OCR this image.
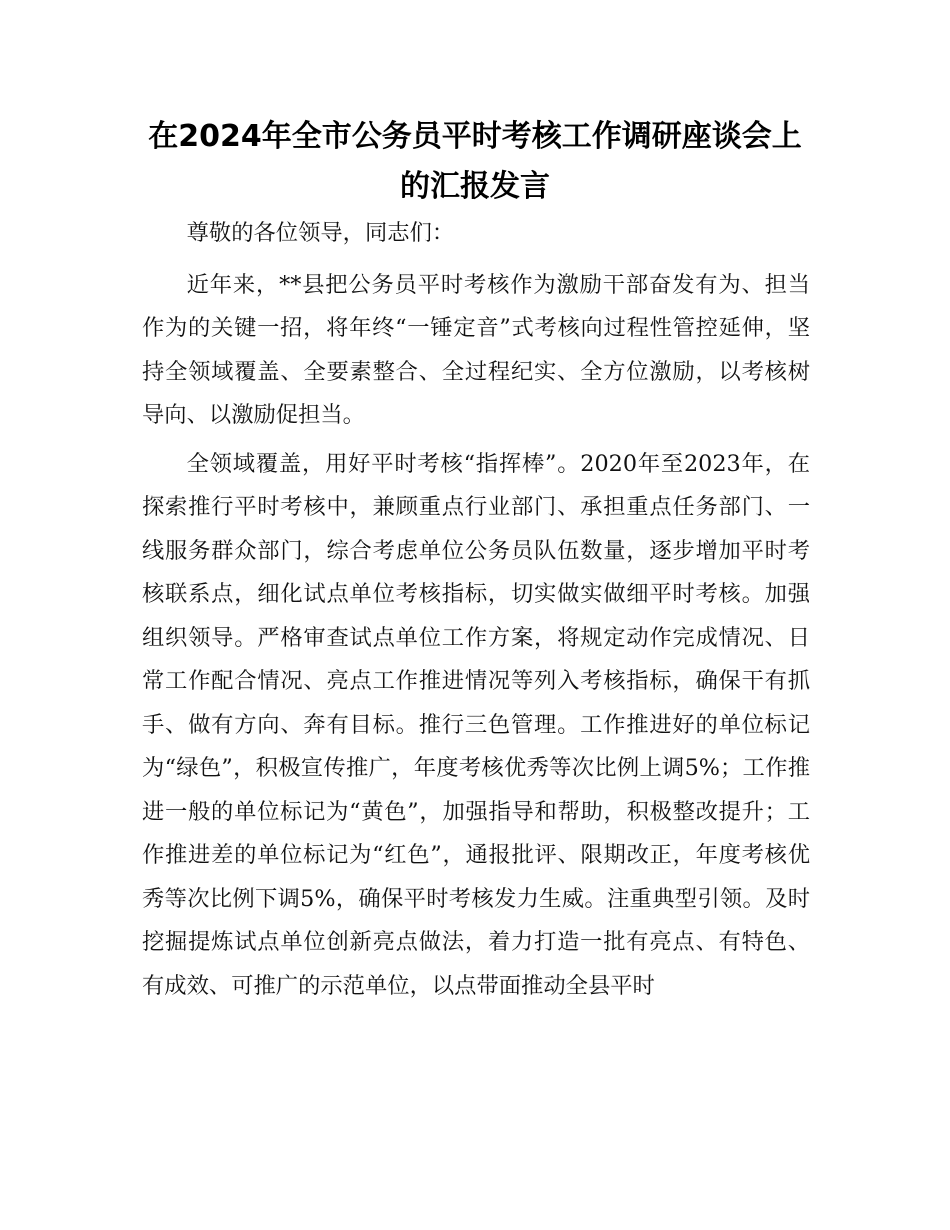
在2024年全市公务员平时考核工作调研座谈会上的汇报发言

尊敬的各位领导，同志们：

近年来，**县把公务员平时考核作为激励干部奋发有为、担当作为的关键一招，将年终“一锤定音”式考核向过程性管控延伸，坚持全领域覆盖、全要素整合、全过程纪实、全方位激励，以考核树导向、以激励促担当。

全领域覆盖，用好平时考核“指挥棒”。2020年至2023年，在探索推行平时考核中，兼顾重点行业部门、承担重点任务部门、一线服务群众部门，综合考虑单位公务员队伍数量，逐步增加平时考核联系点，细化试点单位考核指标，切实做实做细平时考核。加强组织领导。严格审查试点单位工作方案，将规定动作完成情况、日常工作配合情况、亮点工作推进情况等列入考核指标，确保干有抓手、做有方向、奔有目标。推行三色管理。工作推进好的单位标记为“绿色”，积极宣传推广，年度考核优秀等次比例上调5%；工作推进一般的单位标记为“黄色”，加强指导和帮助，积极整改提升；工作推进差的单位标记为“红色”，通报批评、限期改正，年度考核优秀等次比例下调5%，确保平时考核发力生威。注重典型引领。及时挖掘提炼试点单位创新亮点做法，着力打造一批有亮点、有特色、有成效、可推广的示范单位，以点带面推动全县平时
